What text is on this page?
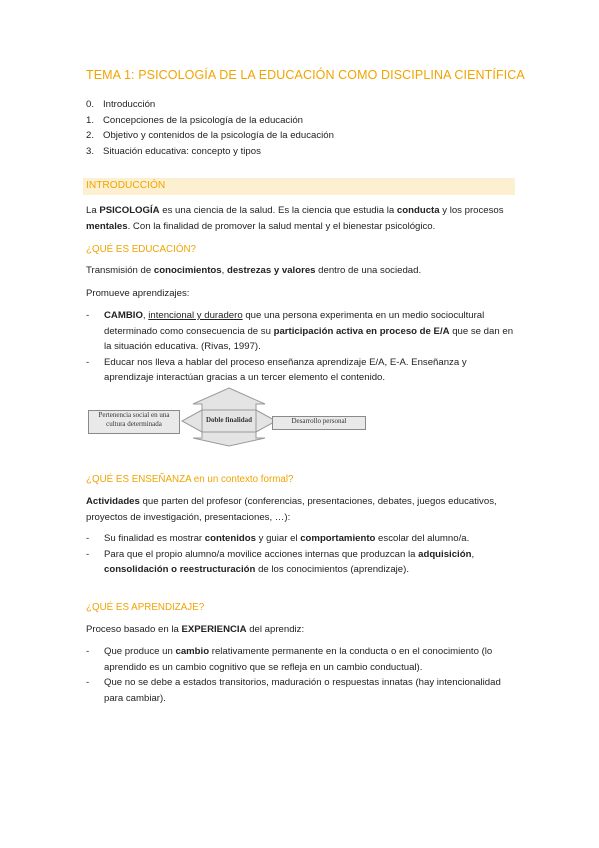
TEMA 1: PSICOLOGÍA DE LA EDUCACIÓN COMO DISCIPLINA CIENTÍFICA
0. Introducción
1. Concepciones de la psicología de la educación
2. Objetivo y contenidos de la psicología de la educación
3. Situación educativa: concepto y tipos
INTRODUCCIÓN
La PSICOLOGÍA es una ciencia de la salud. Es la ciencia que estudia la conducta y los procesos mentales. Con la finalidad de promover la salud mental y el bienestar psicológico.
¿QUÉ ES EDUCACIÓN?
Transmisión de conocimientos, destrezas y valores dentro de una sociedad.
Promueve aprendizajes:
-	CAMBIO, intencional y duradero que una persona experimenta en un medio sociocultural determinado como consecuencia de su participación activa en proceso de E/A que se dan en la situación educativa. (Rivas, 1997).
-	Educar nos lleva a hablar del proceso enseñanza aprendizaje E/A, E-A. Enseñanza y aprendizaje interactúan gracias a un tercer elemento el contenido.
Pertenencia social en una cultura determinada	Doble finalidad	Desarrollo personal
¿QUÉ ES ENSEÑANZA en un contexto formal?
Actividades que parten del profesor (conferencias, presentaciones, debates, juegos educativos, proyectos de investigación, presentaciones, …):
-	Su finalidad es mostrar contenidos y guiar el comportamiento escolar del alumno/a.
-	Para que el propio alumno/a movilice acciones internas que produzcan la adquisición, consolidación o reestructuración de los conocimientos (aprendizaje).
¿QUÉ ES APRENDIZAJE?
Proceso basado en la EXPERIENCIA del aprendiz:
-	Que produce un cambio relativamente permanente en la conducta o en el conocimiento (lo aprendido es un cambio cognitivo que se refleja en un cambio conductual).
-	Que no se debe a estados transitorios, maduración o respuestas innatas (hay intencionalidad para cambiar).
